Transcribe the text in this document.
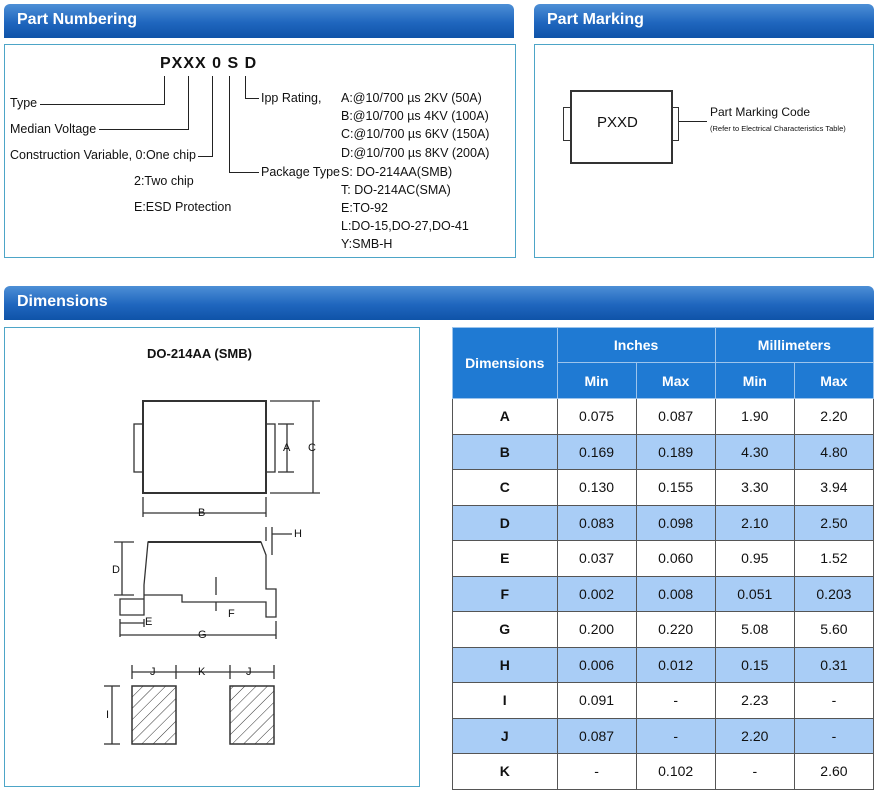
Part Numbering	Part Marking
Dimensions
PXXX 0 S D
Type
Median Voltage
Construction Variable, 0:One chip
2:Two chip
E:ESD Protection
Ipp Rating,
Package Type
A:@10/700 µs 2KV (50A)
B:@10/700 µs 4KV (100A)
C:@10/700 µs 6KV (150A)
D:@10/700 µs 8KV (200A)
S: DO-214AA(SMB)
T: DO-214AC(SMA)
E:TO-92
L:DO-15,DO-27,DO-41
Y:SMB-H
PXXD
Part Marking Code
(Refer to Electrical Characteristics Table)
DO-214AA (SMB)
A C
B
H
D
F
E
G
J	K	J
I
Dimensions	Inches		Millimeters	
	Min	Max	Min	Max
A	0.075	0.087	1.90	2.20
B	0.169	0.189	4.30	4.80
C	0.130	0.155	3.30	3.94
D	0.083	0.098	2.10	2.50
E	0.037	0.060	0.95	1.52
F	0.002	0.008	0.051	0.203
G	0.200	0.220	5.08	5.60
H	0.006	0.012	0.15	0.31
I	0.091	-	2.23	-
J	0.087	-	2.20	-
K	-	0.102	-	2.60
